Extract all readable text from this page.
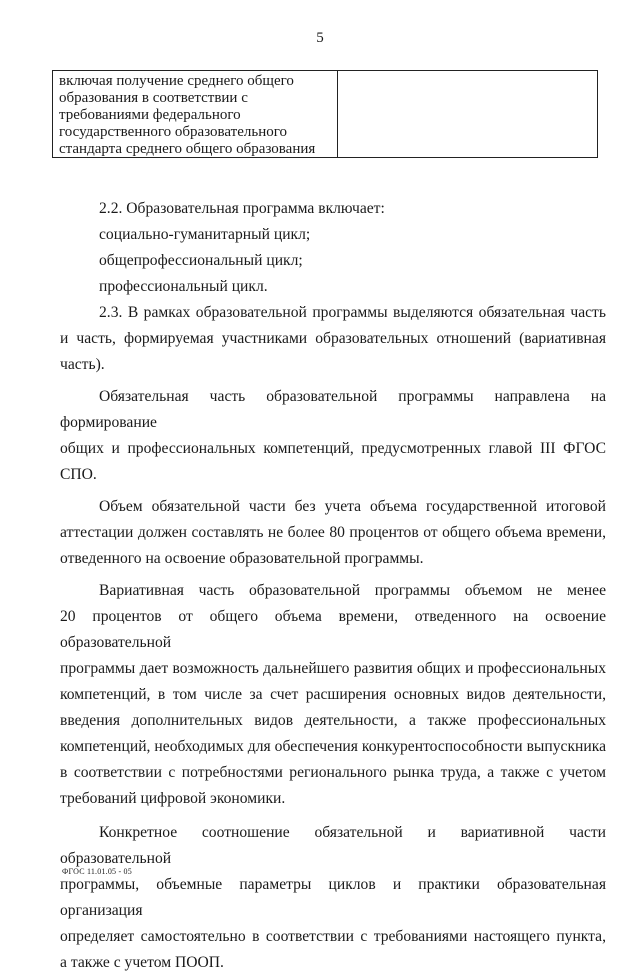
5
включая получение среднего общего
образования в соответствии с
требованиями федерального
государственного образовательного
стандарта среднего общего образования

2.2. Образовательная программа включает:

социально-гуманитарный цикл;

общепрофессиональный цикл;

профессиональный цикл.

2.3. В рамках образовательной программы выделяются обязательная часть
и часть, формируемая участниками образовательных отношений (вариативная
часть).

Обязательная часть образовательной программы направлена на формирование
общих и профессиональных компетенций, предусмотренных главой III ФГОС СПО.

Объем обязательной части без учета объема государственной итоговой
аттестации должен составлять не более 80 процентов от общего объема времени,
отведенного на освоение образовательной программы.

Вариативная часть образовательной программы объемом не менее
20 процентов от общего объема времени, отведенного на освоение образовательной
программы дает возможность дальнейшего развития общих и профессиональных
компетенций, в том числе за счет расширения основных видов деятельности,
введения дополнительных видов деятельности, а также профессиональных
компетенций, необходимых для обеспечения конкурентоспособности выпускника
в соответствии с потребностями регионального рынка труда, а также с учетом
требований цифровой экономики.

Конкретное соотношение обязательной и вариативной части образовательной
программы, объемные параметры циклов и практики образовательная организация
определяет самостоятельно в соответствии с требованиями настоящего пункта,
а также с учетом ПООП.

ФГОС 11.01.05 - 05
